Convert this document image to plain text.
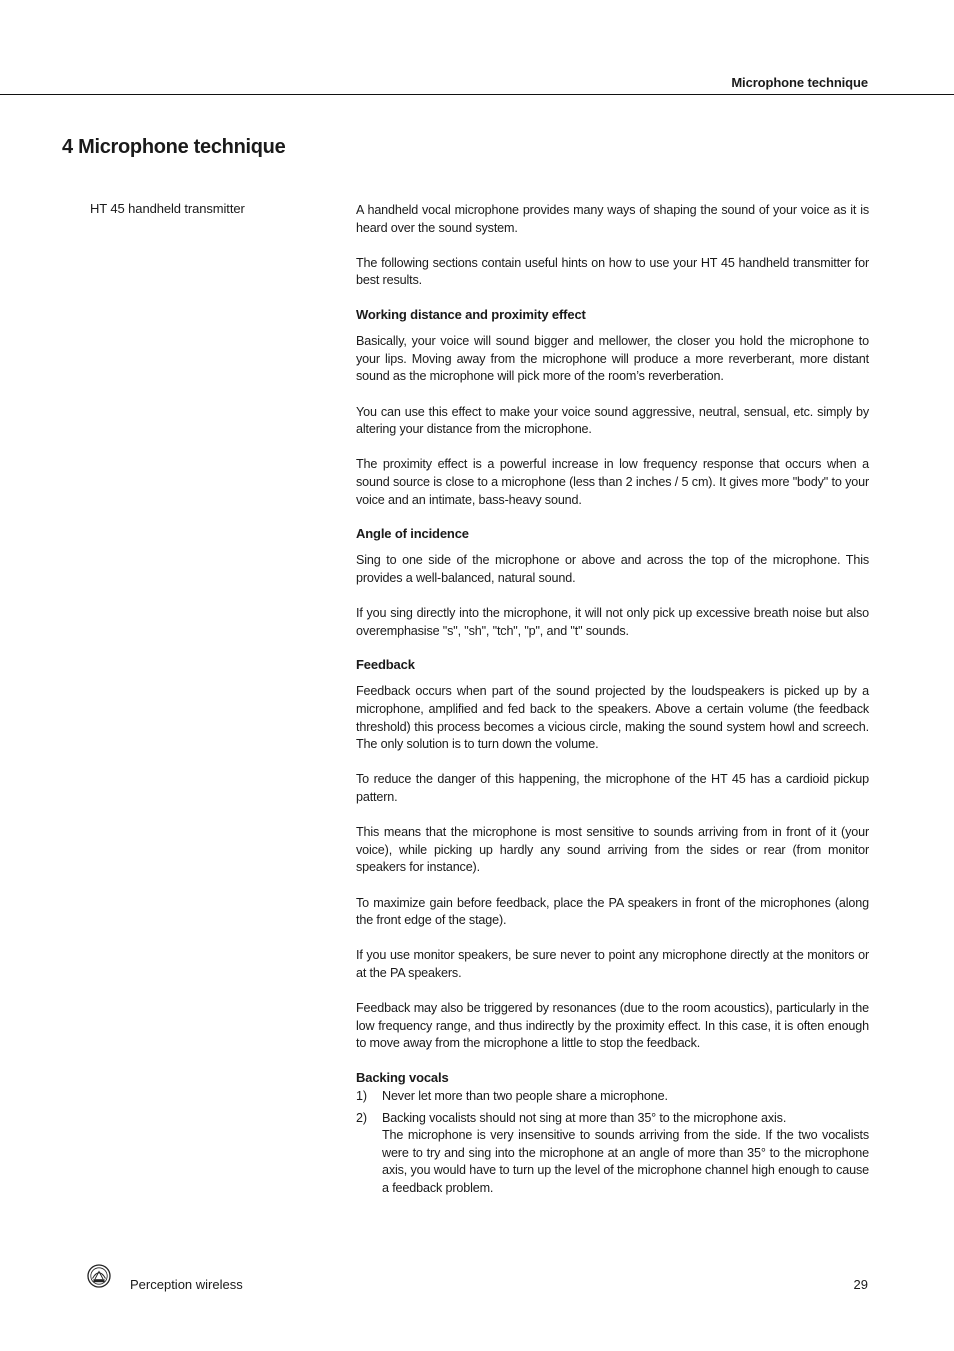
Microphone technique
4 Microphone technique
HT 45 handheld transmitter	A handheld vocal microphone provides many ways of shaping the sound of your voice as it is heard over the sound system.

The following sections contain useful hints on how to use your HT 45 handheld transmitter for best results.

Working distance and proximity effect

Basically, your voice will sound bigger and mellower, the closer you hold the microphone to your lips. Moving away from the microphone will produce a more reverberant, more distant sound as the microphone will pick more of the room’s reverberation.

You can use this effect to make your voice sound aggressive, neutral, sensual, etc. simply by altering your distance from the microphone.

The proximity effect is a powerful increase in low frequency response that occurs when a sound source is close to a microphone (less than 2 inches / 5 cm). It gives more "body" to your voice and an intimate, bass-heavy sound.

Angle of incidence

Sing to one side of the microphone or above and across the top of the microphone. This provides a well-balanced, natural sound.

If you sing directly into the microphone, it will not only pick up excessive breath noise but also overemphasise "s", "sh", "tch", "p", and "t" sounds.

Feedback

Feedback occurs when part of the sound projected by the loudspeakers is picked up by a microphone, amplified and fed back to the speakers. Above a certain volume (the feedback threshold) this process becomes a vicious circle, making the sound system howl and screech. The only solution is to turn down the volume.

To reduce the danger of this happening, the microphone of the HT 45 has a cardioid pickup pattern.

This means that the microphone is most sensitive to sounds arriving from in front of it (your voice), while picking up hardly any sound arriving from the sides or rear (from monitor speakers for instance).

To maximize gain before feedback, place the PA speakers in front of the microphones (along the front edge of the stage).

If you use monitor speakers, be sure never to point any microphone directly at the monitors or at the PA speakers.

Feedback may also be triggered by resonances (due to the room acoustics), particularly in the low frequency range, and thus indirectly by the proximity effect. In this case, it is often enough to move away from the microphone a little to stop the feedback.

Backing vocals
1) Never let more than two people share a microphone.
2) Backing vocalists should not sing at more than 35° to the microphone axis.
The microphone is very insensitive to sounds arriving from the side. If the two vocalists were to try and sing into the microphone at an angle of more than 35° to the microphone axis, you would have to turn up the level of the microphone channel high enough to cause a feedback problem.
Perception wireless	29
